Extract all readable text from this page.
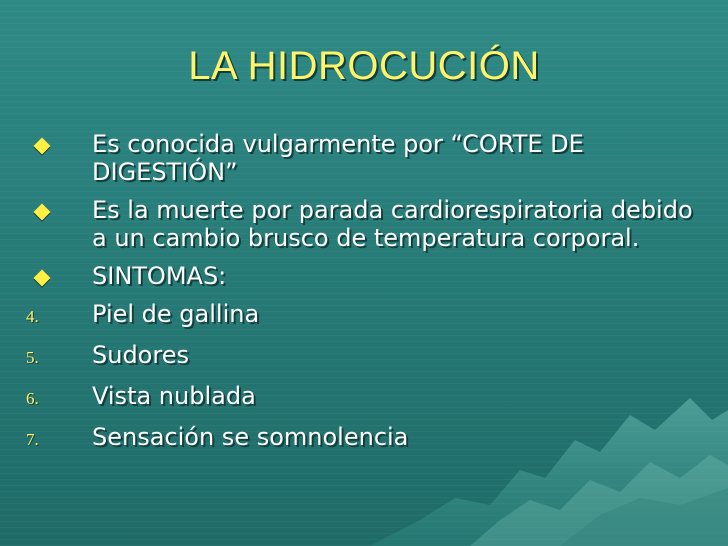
LA HIDROCUCIÓN
Es conocida vulgarmente por “CORTE DE DIGESTIÓN”
Es la muerte por parada cardiorespiratoria debido a un cambio brusco de temperatura corporal.
SINTOMAS:
4.	Piel de gallina
5.	Sudores
6.	Vista nublada
7.	Sensación se somnolencia
